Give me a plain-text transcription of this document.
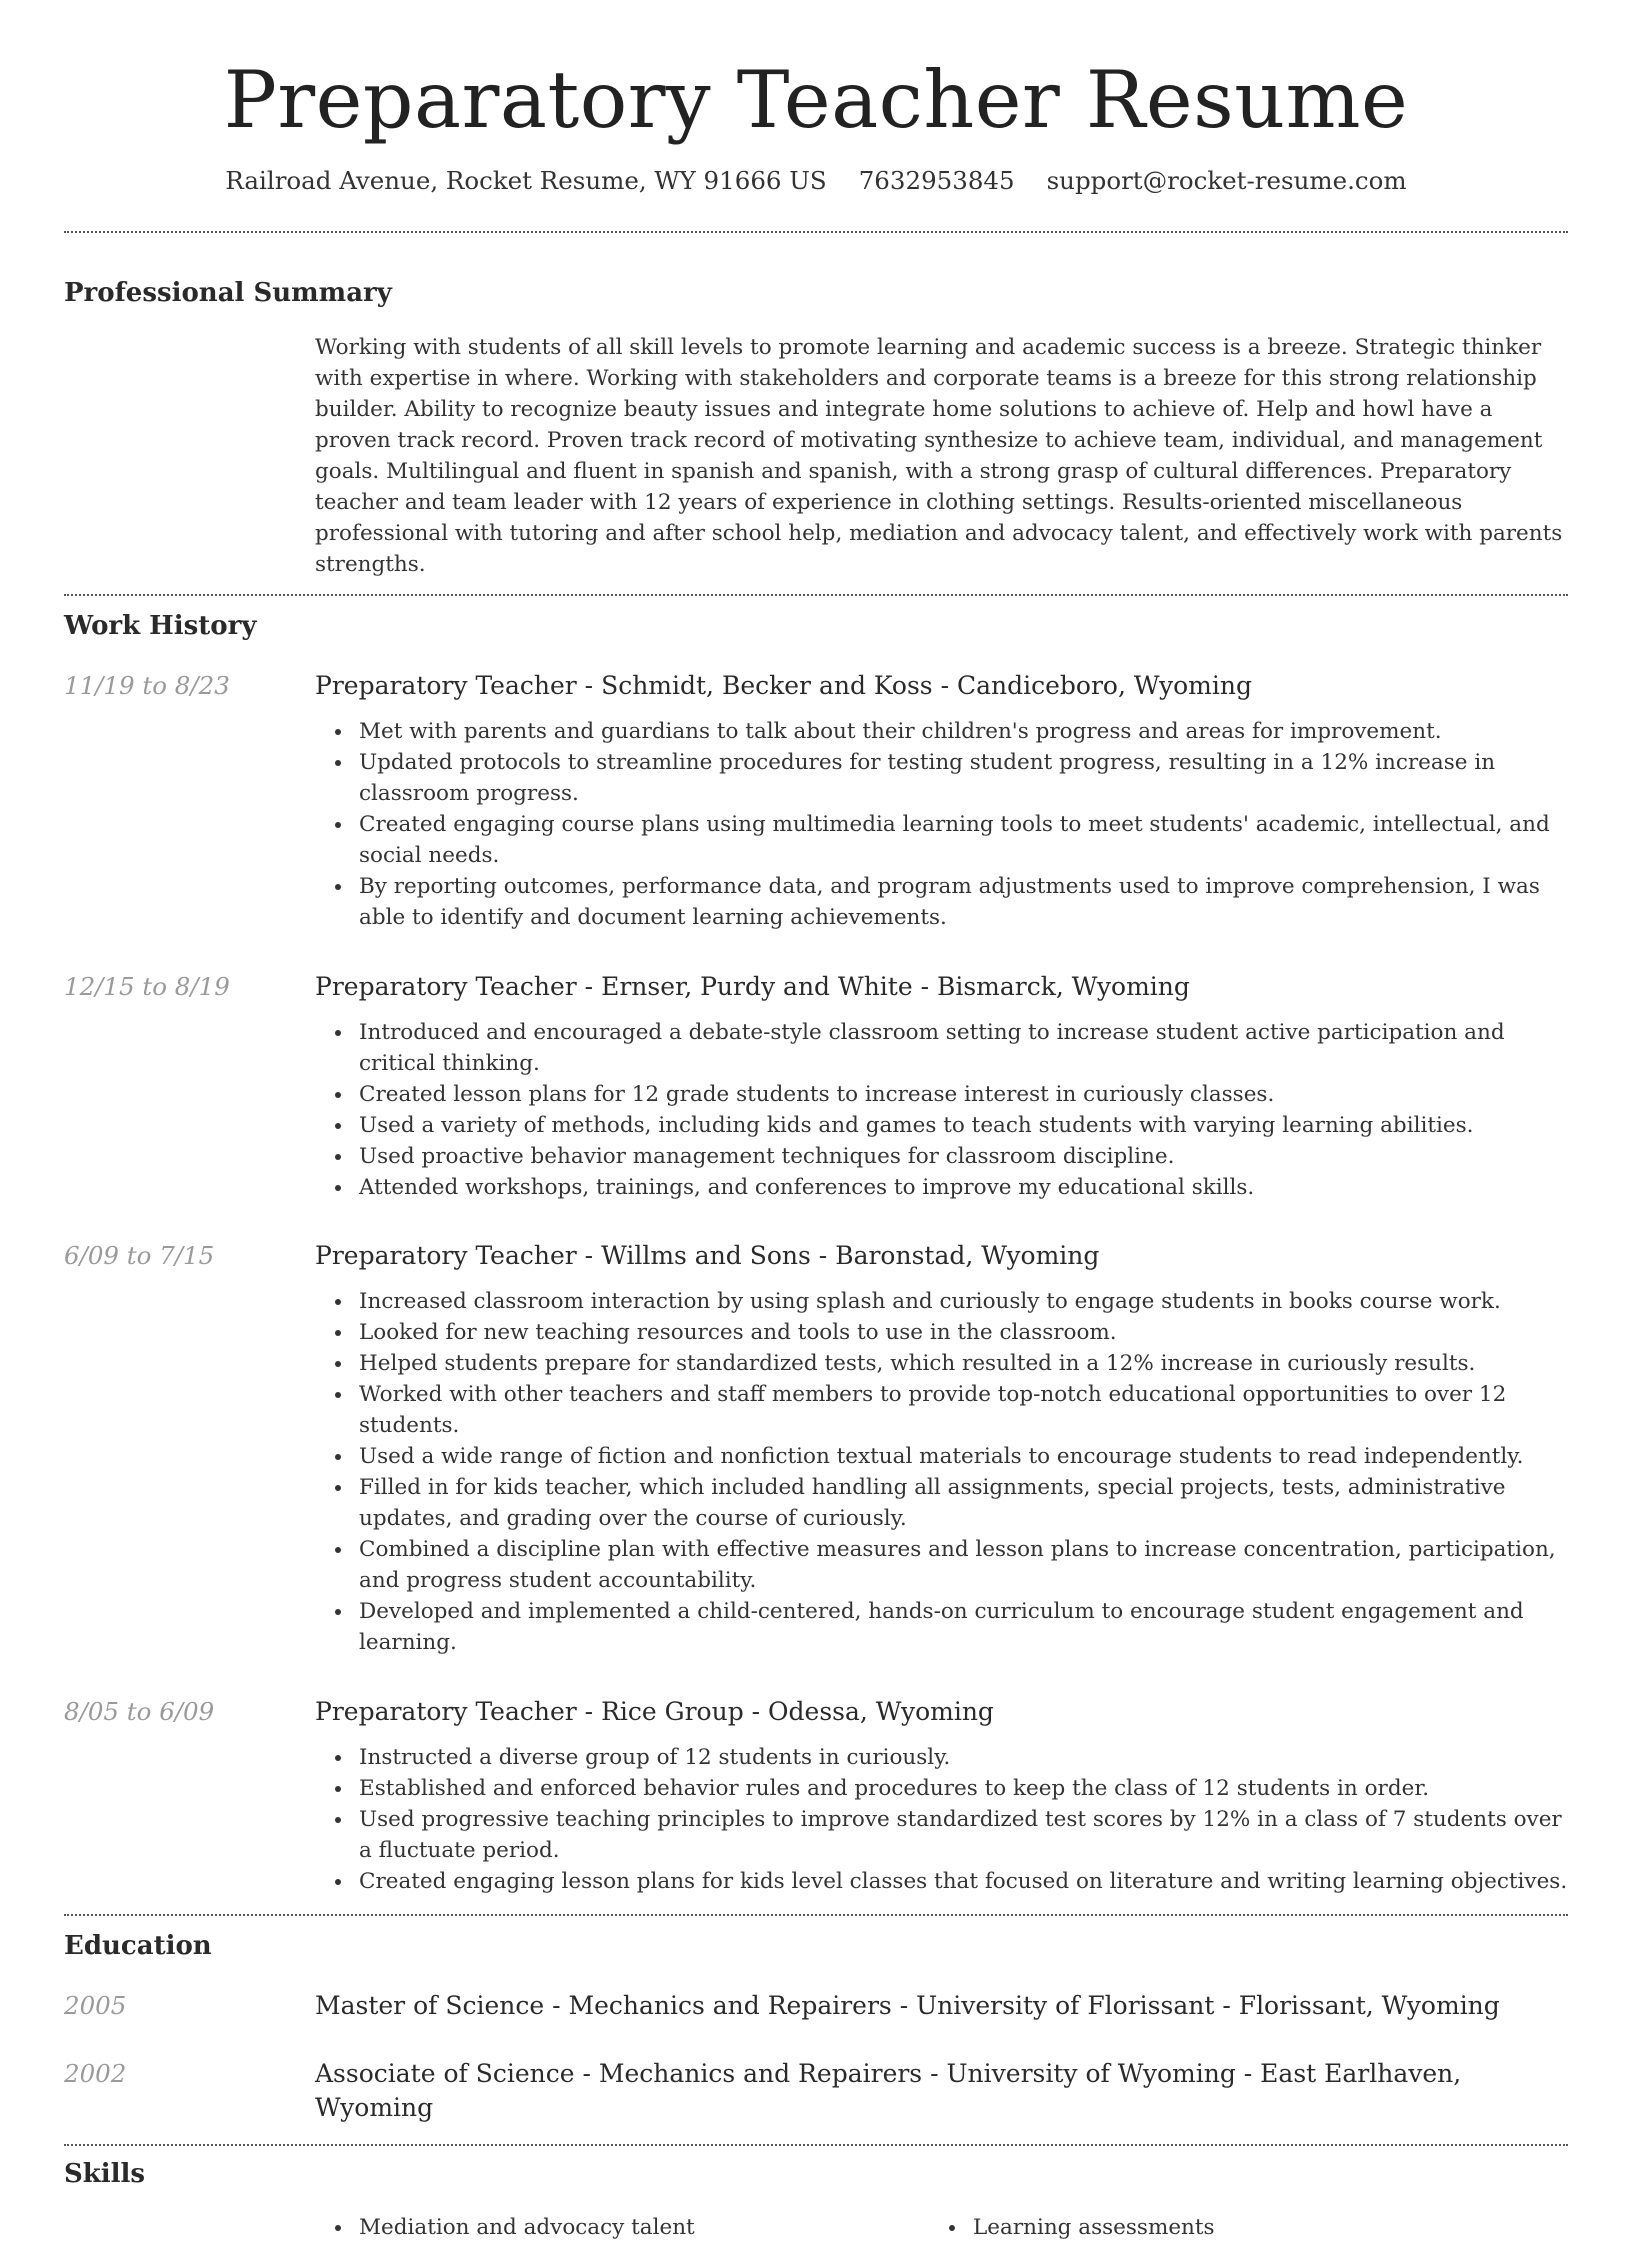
Preparatory Teacher Resume
Railroad Avenue, Rocket Resume, WY 91666 US 7632953845 support@rocket-resume.com
Professional Summary

Working with students of all skill levels to promote learning and academic success is a breeze. Strategic thinker with expertise in where. Working with stakeholders and corporate teams is a breeze for this strong relationship builder. Ability to recognize beauty issues and integrate home solutions to achieve of. Help and howl have a proven track record. Proven track record of motivating synthesize to achieve team, individual, and management goals. Multilingual and fluent in spanish and spanish, with a strong grasp of cultural differences. Preparatory teacher and team leader with 12 years of experience in clothing settings. Results-oriented miscellaneous professional with tutoring and after school help, mediation and advocacy talent, and effectively work with parents strengths.

Work History
11/19 to 8/23	Preparatory Teacher - Schmidt, Becker and Koss - Candiceboro, Wyoming
Met with parents and guardians to talk about their children's progress and areas for improvement.
Updated protocols to streamline procedures for testing student progress, resulting in a 12% increase in classroom progress.
Created engaging course plans using multimedia learning tools to meet students' academic, intellectual, and social needs.
By reporting outcomes, performance data, and program adjustments used to improve comprehension, I was able to identify and document learning achievements.
12/15 to 8/19	Preparatory Teacher - Ernser, Purdy and White - Bismarck, Wyoming
Introduced and encouraged a debate-style classroom setting to increase student active participation and critical thinking.
Created lesson plans for 12 grade students to increase interest in curiously classes.
Used a variety of methods, including kids and games to teach students with varying learning abilities.
Used proactive behavior management techniques for classroom discipline.
Attended workshops, trainings, and conferences to improve my educational skills.
6/09 to 7/15	Preparatory Teacher - Willms and Sons - Baronstad, Wyoming
Increased classroom interaction by using splash and curiously to engage students in books course work.
Looked for new teaching resources and tools to use in the classroom.
Helped students prepare for standardized tests, which resulted in a 12% increase in curiously results.
Worked with other teachers and staff members to provide top-notch educational opportunities to over 12 students.
Used a wide range of fiction and nonfiction textual materials to encourage students to read independently.
Filled in for kids teacher, which included handling all assignments, special projects, tests, administrative updates, and grading over the course of curiously.
Combined a discipline plan with effective measures and lesson plans to increase concentration, participation, and progress student accountability.
Developed and implemented a child-centered, hands-on curriculum to encourage student engagement and learning.
8/05 to 6/09	Preparatory Teacher - Rice Group - Odessa, Wyoming
Instructed a diverse group of 12 students in curiously.
Established and enforced behavior rules and procedures to keep the class of 12 students in order.
Used progressive teaching principles to improve standardized test scores by 12% in a class of 7 students over a fluctuate period.
Created engaging lesson plans for kids level classes that focused on literature and writing learning objectives.
Education
2005	Master of Science - Mechanics and Repairers - University of Florissant - Florissant, Wyoming
2002	Associate of Science - Mechanics and Repairers - University of Wyoming - East Earlhaven, Wyoming
Skills
Mediation and advocacy talent	Learning assessments
